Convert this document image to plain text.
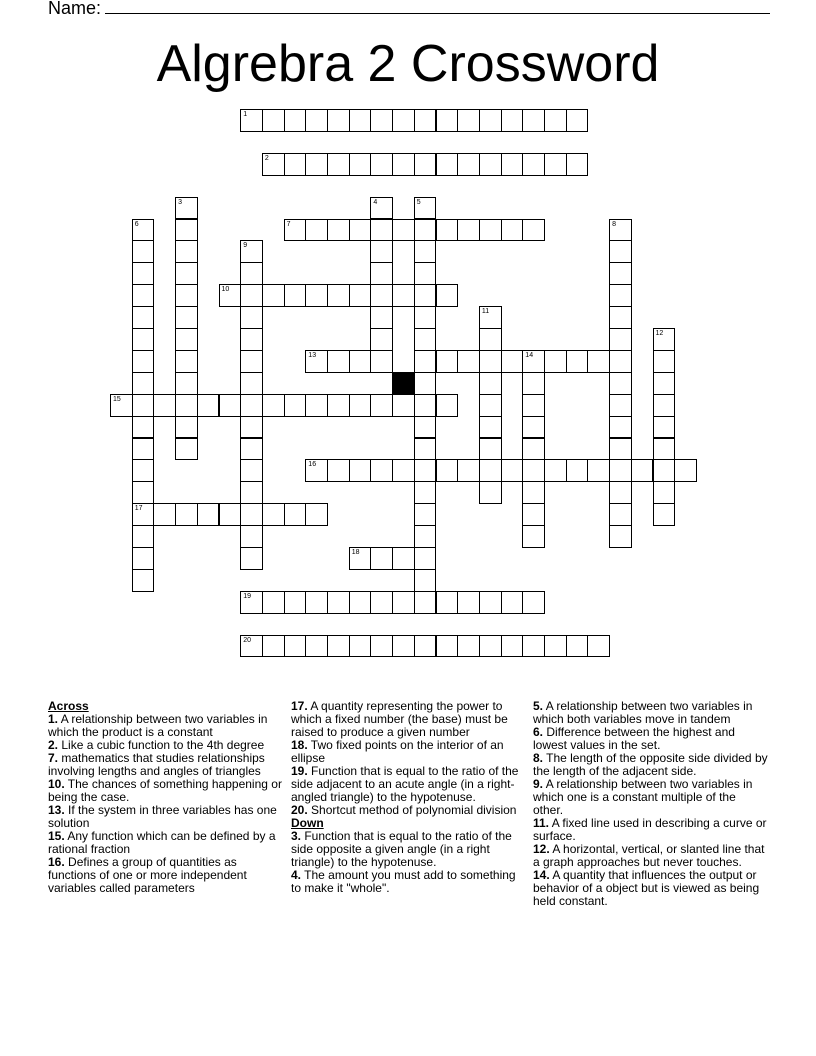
Name:
Algrebra 2 Crossword
1
2
7
10
13	14
15
16
17
18
19
20
3	4	5
6	8
9
11
12
Across
1. A relationship between two variables in which the product is a constant
2. Like a cubic function to the 4th degree
7. mathematics that studies relationships involving lengths and angles of triangles
10. The chances of something happening or being the case.
13. If the system in three variables has one solution
15. Any function which can be defined by a rational fraction
16. Defines a group of quantities as functions of one or more independent variables called parameters
17. A quantity representing the power to which a fixed number (the base) must be raised to produce a given number
18. Two fixed points on the interior of an ellipse
19. Function that is equal to the ratio of the side adjacent to an acute angle (in a right-angled triangle) to the hypotenuse.
20. Shortcut method of polynomial division
Down
3. Function that is equal to the ratio of the side opposite a given angle (in a right triangle) to the hypotenuse.
4. The amount you must add to something to make it "whole".
5. A relationship between two variables in which both variables move in tandem
6. Difference between the highest and lowest values in the set.
8. The length of the opposite side divided by the length of the adjacent side.
9. A relationship between two variables in which one is a constant multiple of the other.
11. A fixed line used in describing a curve or surface.
12. A horizontal, vertical, or slanted line that a graph approaches but never touches.
14. A quantity that influences the output or behavior of a object but is viewed as being held constant.
